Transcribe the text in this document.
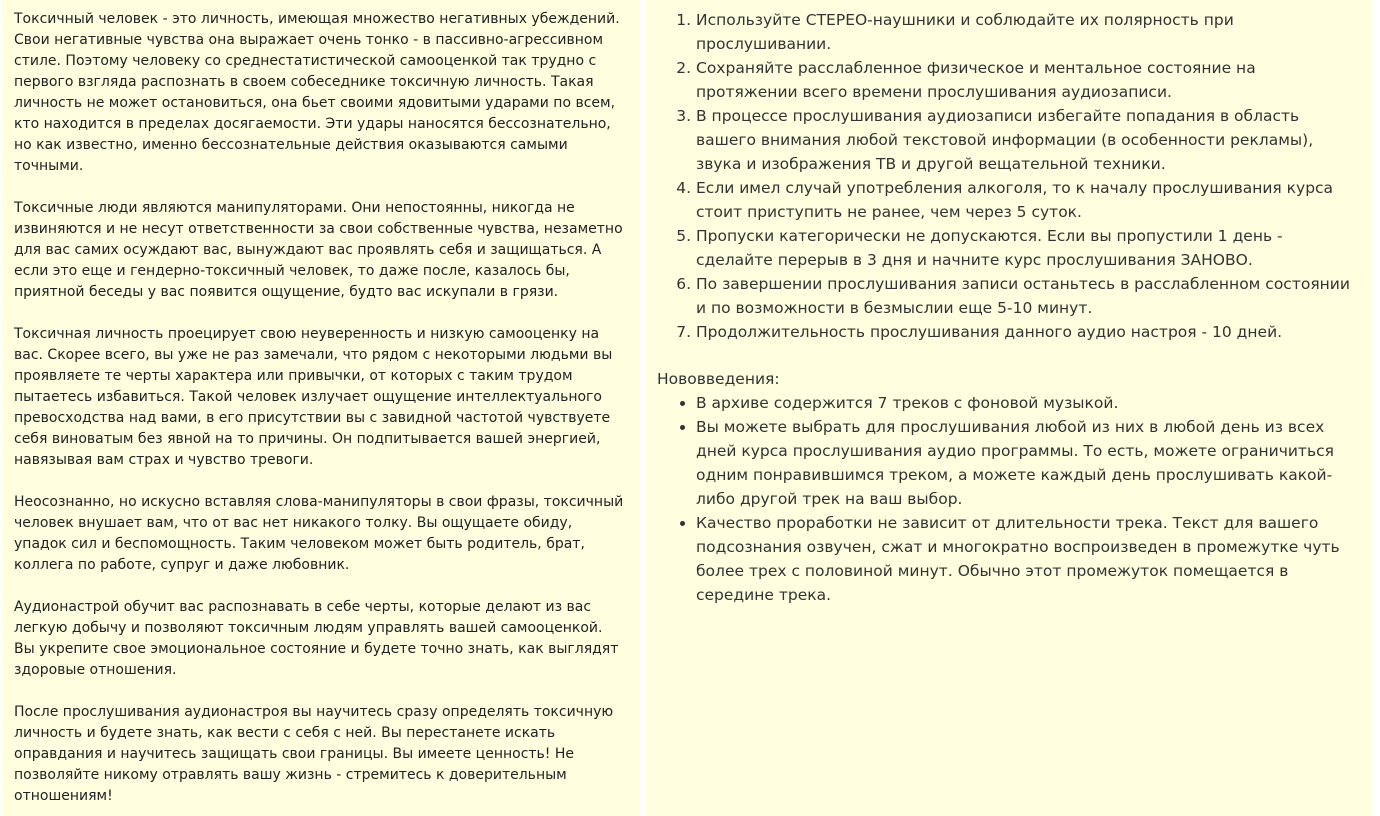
Токсичный человек - это личность, имеющая множество негативных убеждений. Свои негативные чувства она выражает очень тонко - в пассивно-агрессивном стиле. Поэтому человеку со среднестатистической самооценкой так трудно с первого взгляда распознать в своем собеседнике токсичную личность. Такая личность не может остановиться, она бьет своими ядовитыми ударами по всем, кто находится в пределах досягаемости. Эти удары наносятся бессознательно, но как известно, именно бессознательные действия оказываются самыми точными.

Токсичные люди являются манипуляторами. Они непостоянны, никогда не извиняются и не несут ответственности за свои собственные чувства, незаметно для вас самих осуждают вас, вынуждают вас проявлять себя и защищаться. А если это еще и гендерно-токсичный человек, то даже после, казалось бы, приятной беседы у вас появится ощущение, будто вас искупали в грязи.

Токсичная личность проецирует свою неуверенность и низкую самооценку на вас. Скорее всего, вы уже не раз замечали, что рядом с некоторыми людьми вы проявляете те черты характера или привычки, от которых с таким трудом пытаетесь избавиться. Такой человек излучает ощущение интеллектуального превосходства над вами, в его присутствии вы с завидной частотой чувствуете себя виноватым без явной на то причины. Он подпитывается вашей энергией, навязывая вам страх и чувство тревоги.

Неосознанно, но искусно вставляя слова-манипуляторы в свои фразы, токсичный человек внушает вам, что от вас нет никакого толку. Вы ощущаете обиду, упадок сил и беспомощность. Таким человеком может быть родитель, брат, коллега по работе, супруг и даже любовник.

Аудионастрой обучит вас распознавать в себе черты, которые делают из вас легкую добычу и позволяют токсичным людям управлять вашей самооценкой. Вы укрепите свое эмоциональное состояние и будете точно знать, как выглядят здоровые отношения.

После прослушивания аудионастроя вы научитесь сразу определять токсичную личность и будете знать, как вести с себя с ней. Вы перестанете искать оправдания и научитесь защищать свои границы. Вы имеете ценность! Не позволяйте никому отравлять вашу жизнь - стремитесь к доверительным отношениям!

1. Используйте СТЕРЕО-наушники и соблюдайте их полярность при прослушивании.
2. Сохраняйте расслабленное физическое и ментальное состояние на протяжении всего времени прослушивания аудиозаписи.
3. В процессе прослушивания аудиозаписи избегайте попадания в область вашего внимания любой текстовой информации (в особенности рекламы), звука и изображения ТВ и другой вещательной техники.
4. Если имел случай употребления алкоголя, то к началу прослушивания курса стоит приступить не ранее, чем через 5 суток.
5. Пропуски категорически не допускаются. Если вы пропустили 1 день - сделайте перерыв в 3 дня и начните курс прослушивания ЗАНОВО.
6. По завершении прослушивания записи останьтесь в расслабленном состоянии и по возможности в безмыслии еще 5-10 минут.
7. Продолжительность прослушивания данного аудио настроя - 10 дней.
Нововведения:
• В архиве содержится 7 треков с фоновой музыкой.
• Вы можете выбрать для прослушивания любой из них в любой день из всех дней курса прослушивания аудио программы. То есть, можете ограничиться одним понравившимся треком, а можете каждый день прослушивать какой-либо другой трек на ваш выбор.
• Качество проработки не зависит от длительности трека. Текст для вашего подсознания озвучен, сжат и многократно воспроизведен в промежутке чуть более трех с половиной минут. Обычно этот промежуток помещается в середине трека.
